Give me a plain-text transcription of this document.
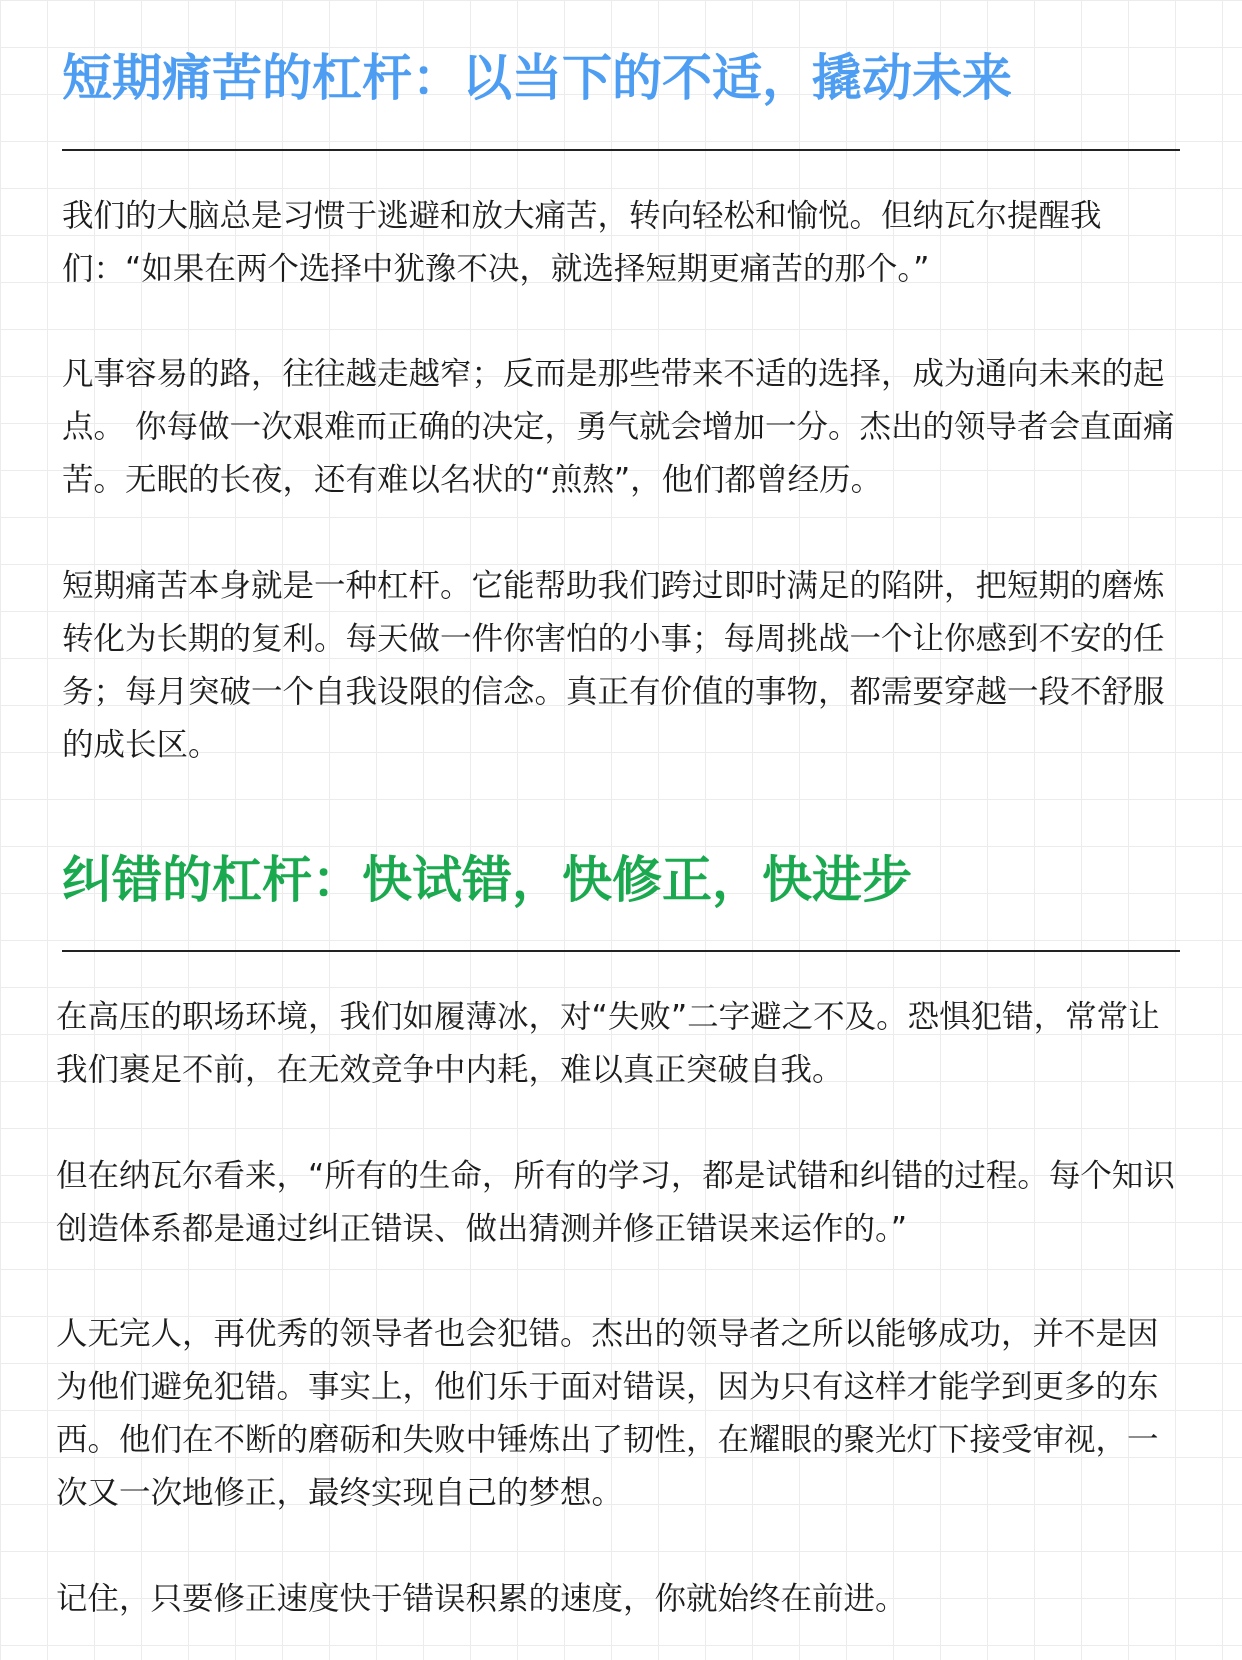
短期痛苦的杠杆：以当下的不适，撬动未来

我们的大脑总是习惯于逃避和放大痛苦，转向轻松和愉悦。但纳瓦尔提醒我们：“如果在两个选择中犹豫不决，就选择短期更痛苦的那个。”

凡事容易的路，往往越走越窄；反而是那些带来不适的选择，成为通向未来的起点。 你每做一次艰难而正确的决定，勇气就会增加一分。杰出的领导者会直面痛苦。无眠的长夜，还有难以名状的“煎熬”，他们都曾经历。

短期痛苦本身就是一种杠杆。它能帮助我们跨过即时满足的陷阱，把短期的磨炼转化为长期的复利。每天做一件你害怕的小事；每周挑战一个让你感到不安的任务；每月突破一个自我设限的信念。真正有价值的事物，都需要穿越一段不舒服的成长区。

纠错的杠杆：快试错，快修正，快进步

在高压的职场环境，我们如履薄冰，对“失败”二字避之不及。恐惧犯错，常常让我们裹足不前，在无效竞争中内耗，难以真正突破自我。

但在纳瓦尔看来，“所有的生命，所有的学习，都是试错和纠错的过程。每个知识创造体系都是通过纠正错误、做出猜测并修正错误来运作的。”

人无完人，再优秀的领导者也会犯错。杰出的领导者之所以能够成功，并不是因为他们避免犯错。事实上，他们乐于面对错误，因为只有这样才能学到更多的东西。他们在不断的磨砺和失败中锤炼出了韧性，在耀眼的聚光灯下接受审视，一次又一次地修正，最终实现自己的梦想。

记住，只要修正速度快于错误积累的速度，你就始终在前进。
